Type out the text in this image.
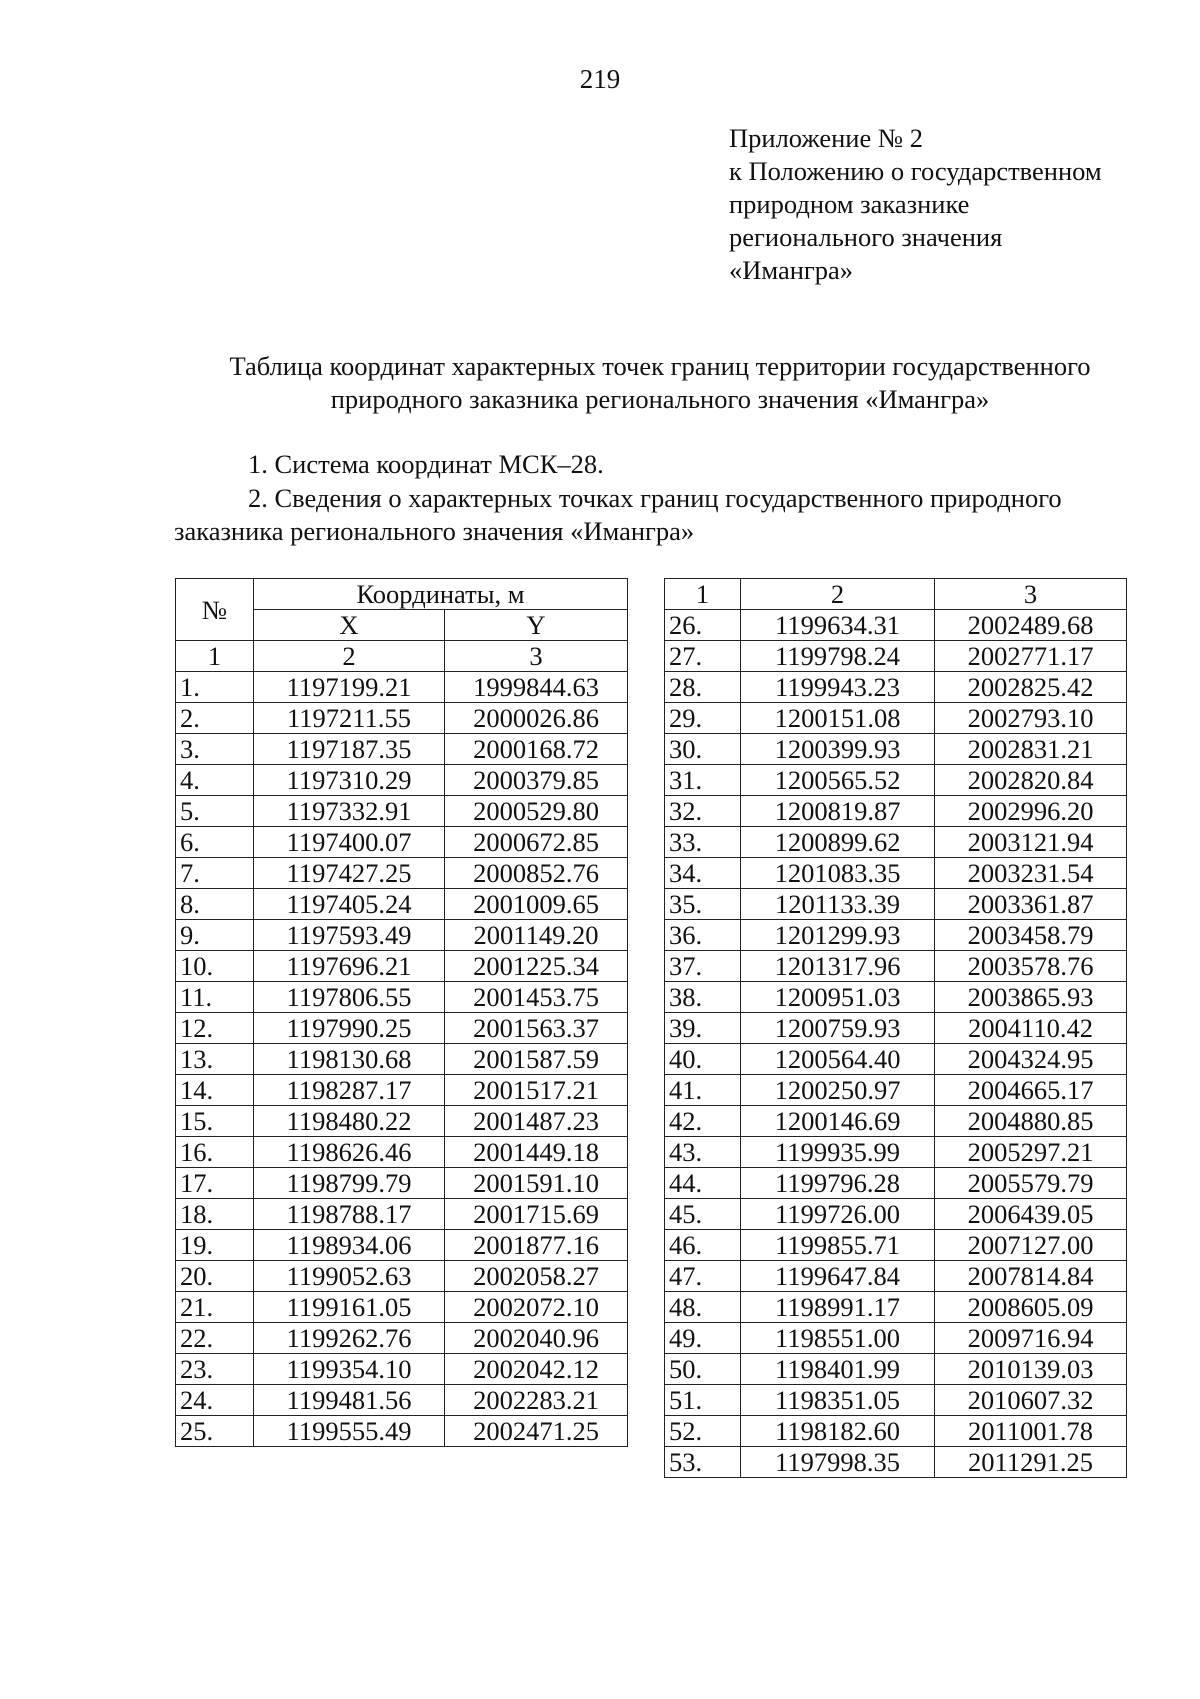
219
Приложение № 2
к Положению о государственном
природном заказнике
регионального значения
«Имангра»
Таблица координат характерных точек границ территории государственного
природного заказника регионального значения «Имангра»
1. Система координат МСК–28.
2. Сведения о характерных точках границ государственного природного
заказника регионального значения «Имангра»
№	Координаты, м	
	X	Y
1	2	3
1.	1197199.21	1999844.63
2.	1197211.55	2000026.86
3.	1197187.35	2000168.72
4.	1197310.29	2000379.85
5.	1197332.91	2000529.80
6.	1197400.07	2000672.85
7.	1197427.25	2000852.76
8.	1197405.24	2001009.65
9.	1197593.49	2001149.20
10.	1197696.21	2001225.34
11.	1197806.55	2001453.75
12.	1197990.25	2001563.37
13.	1198130.68	2001587.59
14.	1198287.17	2001517.21
15.	1198480.22	2001487.23
16.	1198626.46	2001449.18
17.	1198799.79	2001591.10
18.	1198788.17	2001715.69
19.	1198934.06	2001877.16
20.	1199052.63	2002058.27
21.	1199161.05	2002072.10
22.	1199262.76	2002040.96
23.	1199354.10	2002042.12
24.	1199481.56	2002283.21
25.	1199555.49	2002471.25
1	2	3
26.	1199634.31	2002489.68
27.	1199798.24	2002771.17
28.	1199943.23	2002825.42
29.	1200151.08	2002793.10
30.	1200399.93	2002831.21
31.	1200565.52	2002820.84
32.	1200819.87	2002996.20
33.	1200899.62	2003121.94
34.	1201083.35	2003231.54
35.	1201133.39	2003361.87
36.	1201299.93	2003458.79
37.	1201317.96	2003578.76
38.	1200951.03	2003865.93
39.	1200759.93	2004110.42
40.	1200564.40	2004324.95
41.	1200250.97	2004665.17
42.	1200146.69	2004880.85
43.	1199935.99	2005297.21
44.	1199796.28	2005579.79
45.	1199726.00	2006439.05
46.	1199855.71	2007127.00
47.	1199647.84	2007814.84
48.	1198991.17	2008605.09
49.	1198551.00	2009716.94
50.	1198401.99	2010139.03
51.	1198351.05	2010607.32
52.	1198182.60	2011001.78
53.	1197998.35	2011291.25
